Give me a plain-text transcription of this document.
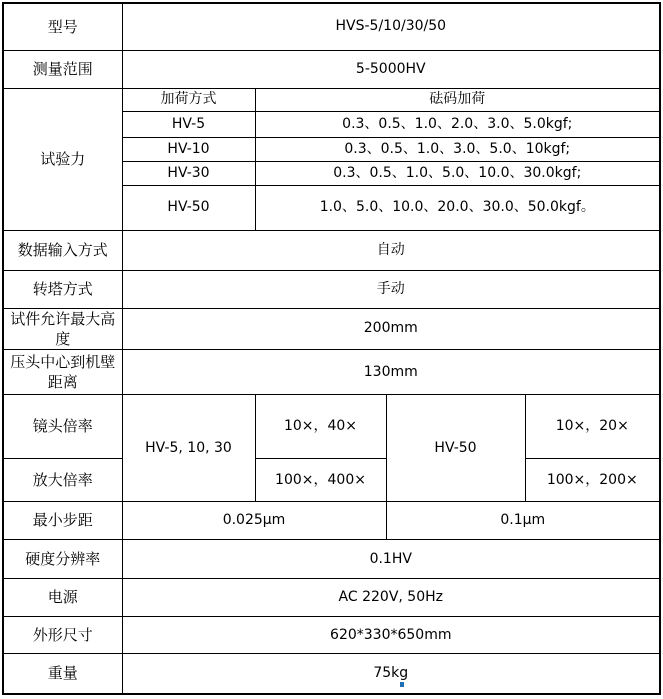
型号	HVS-5/10/30/50			
测量范围	5-5000HV			
试验力	加荷方式	砝码加荷		
	HV-5	0.3、0.5、1.0、2.0、3.0、5.0kgf;		
	HV-10	0.3、0.5、1.0、3.0、5.0、10kgf;		
	HV-30	0.3、0.5、1.0、5.0、10.0、30.0kgf;		
	HV-50	1.0、5.0、10.0、20.0、30.0、50.0kgf。		
数据输入方式	自动			
转塔方式	手动			
试件允许最大高度	200mm			
压头中心到机壁距离	130mm			
镜头倍率	HV-5, 10, 30	10×，40×	HV-50	10×，20×
放大倍率		100×，400×		100×，200×
最小步距	0.025μm		0.1μm	
硬度分辨率	0.1HV			
电源	AC 220V, 50Hz			
外形尺寸	620*330*650mm			
重量	75kg			
